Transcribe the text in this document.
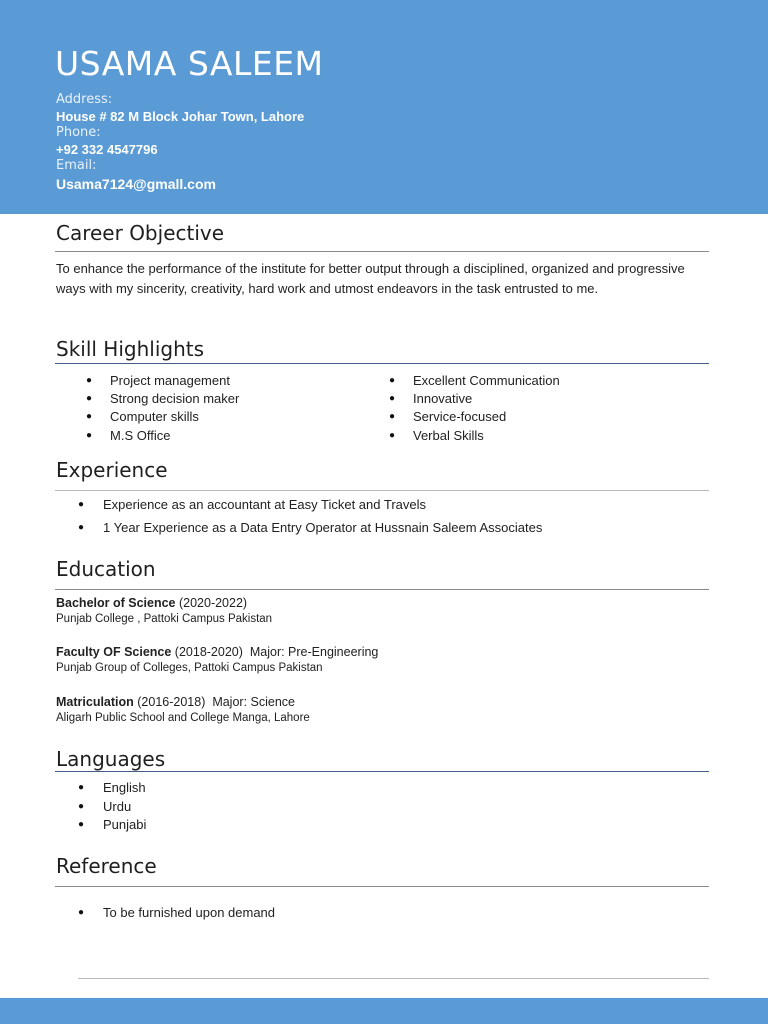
USAMA SALEEM
Address:
House # 82 M Block Johar Town, Lahore
Phone:
+92 332 4547796
Email:
Usama7124@gmall.com
Career Objective

To enhance the performance of the institute for better output through a disciplined, organized and progressive ways with my sincerity, creativity, hard work and utmost endeavors in the task entrusted to me.

Skill Highlights
● Project management
● Strong decision maker
● Computer skills
● M.S Office
● Excellent Communication
● Innovative
● Service-focused
● Verbal Skills
Experience
● Experience as an accountant at Easy Ticket and Travels
● 1 Year Experience as a Data Entry Operator at Hussnain Saleem Associates
Education
Bachelor of Science (2020-2022)
Punjab College , Pattoki Campus Pakistan
Faculty OF Science (2018-2020)  Major: Pre-Engineering
Punjab Group of Colleges, Pattoki Campus Pakistan
Matriculation (2016-2018)  Major: Science
Aligarh Public School and College Manga, Lahore
Languages
● English
● Urdu
● Punjabi
Reference
● To be furnished upon demand
